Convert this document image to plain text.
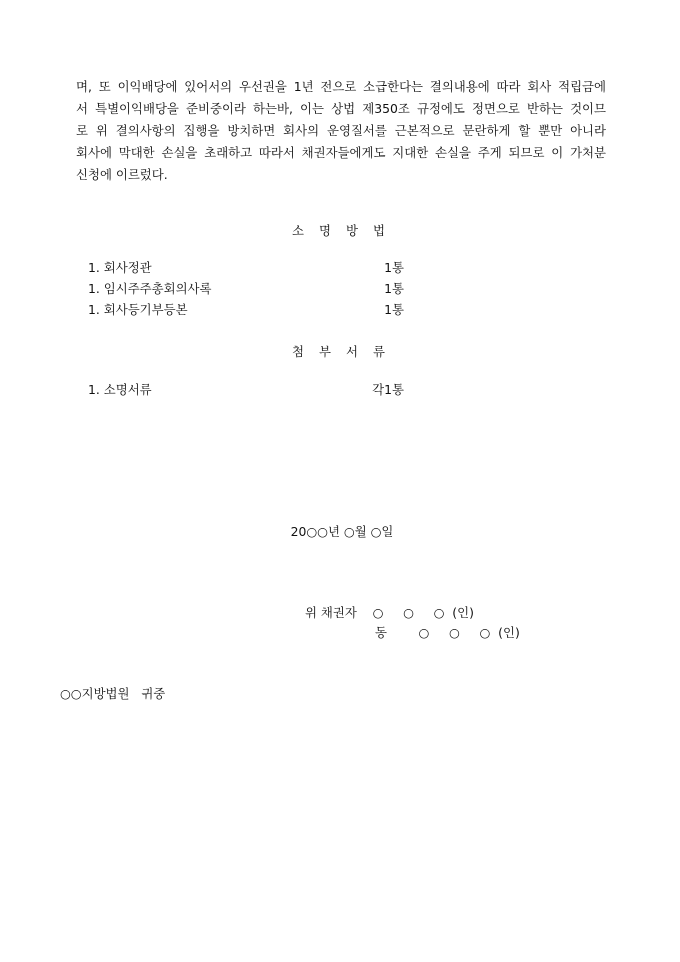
며, 또 이익배당에 있어서의 우선권을 1년 전으로 소급한다는 결의내용에 따라 회사 적립금에
서 특별이익배당을 준비중이라 하는바, 이는 상법 제350조 규정에도 정면으로 반하는 것이므
로 위 결의사항의 집행을 방치하면 회사의 운영질서를 근본적으로 문란하게 할 뿐만 아니라
회사에 막대한 손실을 초래하고 따라서 채권자들에게도 지대한 손실을 주게 되므로 이 가처분
신청에 이르렀다.
소명방법
1. 회사정관	1통
1. 임시주주총회의사록	1통
1. 회사등기부등본	1통
첨부서류
1. 소명서류	각1통
20○○년 ○월 ○일
위 채권자    ○     ○     ○  (인)
동        ○     ○     ○  (인)
○○지방법원   귀중
